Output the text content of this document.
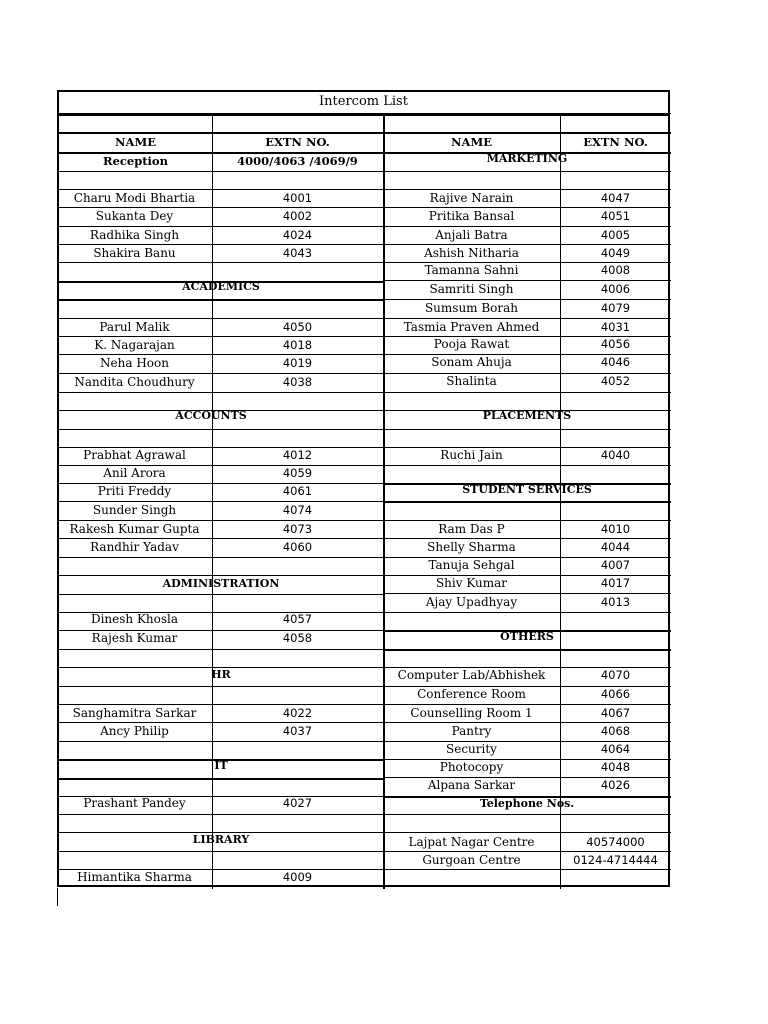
Intercom List
NAME	EXTN NO.	NAME	EXTN NO.
Reception	4000/4063 /4069/9
Charu Modi Bhartia	4001
Sukanta Dey	4002
Radhika Singh	4024
Shakira Banu	4043
ACADEMICS
Parul Malik	4050
K. Nagarajan	4018
Neha Hoon	4019
Nandita Choudhury	4038
ACCOUNTS
Prabhat Agrawal	4012
Anil Arora	4059
Priti Freddy	4061
Sunder Singh	4074
Rakesh Kumar Gupta	4073
Randhir Yadav	4060
ADMINISTRATION
Dinesh Khosla	4057
Rajesh Kumar	4058
HR
Sanghamitra Sarkar	4022
Ancy Philip	4037
IT
Prashant Pandey	4027
LIBRARY
Himantika Sharma	4009
MARKETING
Rajive Narain	4047
Pritika Bansal	4051
Anjali Batra	4005
Ashish Nitharia	4049
Tamanna Sahni	4008
Samriti Singh	4006
Sumsum Borah	4079
Tasmia Praven Ahmed	4031
Pooja Rawat	4056
Sonam Ahuja	4046
Shalinta	4052
PLACEMENTS
Ruchi Jain	4040
STUDENT SERVICES
Ram Das P	4010
Shelly Sharma	4044
Tanuja Sehgal	4007
Shiv Kumar	4017
Ajay Upadhyay	4013
OTHERS
Computer Lab/Abhishek	4070
Conference Room	4066
Counselling Room 1	4067
Pantry	4068
Security	4064
Photocopy	4048
Alpana Sarkar	4026
Telephone Nos.
Lajpat Nagar Centre	40574000
Gurgoan Centre	0124-4714444
